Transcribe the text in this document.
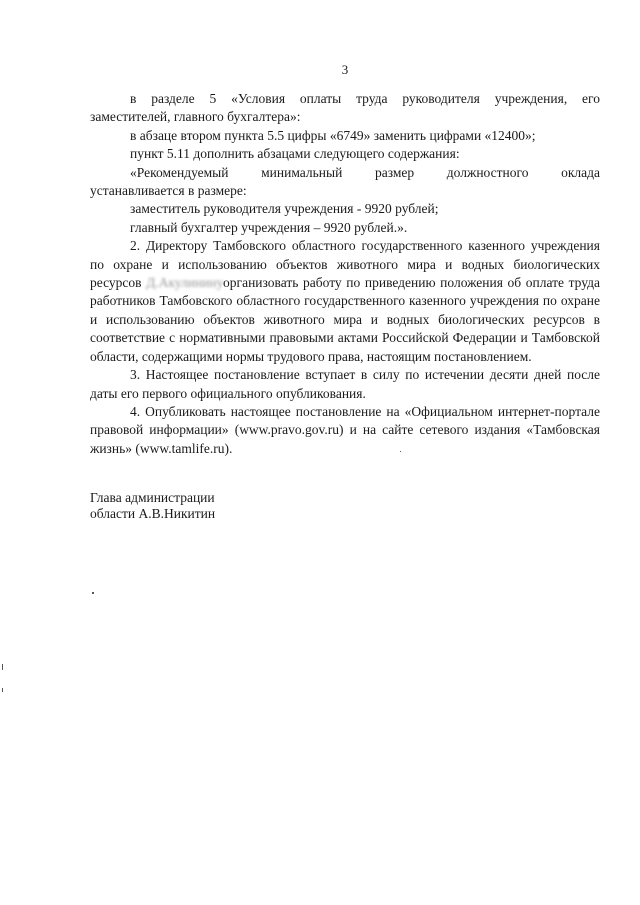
3

в разделе 5 «Условия оплаты труда руководителя учреждения, его

заместителей, главного бухгалтера»:

в абзаце втором пункта 5.5 цифры «6749» заменить цифрами «12400»;

пункт 5.11 дополнить абзацами следующего содержания:

«Рекомендуемый минимальный размер должностного оклада

устанавливается в размере:

заместитель руководителя учреждения - 9920 рублей;

главный бухгалтер учреждения – 9920 рублей.».

2. Директору Тамбовского областного государственного казенного учреждения по охране и использованию объектов животного мира и водных биологических ресурсов Д.Акулининуорганизовать работу по приведению положения об оплате труда работников Тамбовского областного государственного казенного учреждения по охране и использованию объектов животного мира и водных биологических ресурсов в соответствие с нормативными правовыми актами Российской Федерации и Тамбовской области, содержащими нормы трудового права, настоящим постановлением.

3. Настоящее постановление вступает в силу по истечении десяти дней после даты его первого официального опубликования.

4. Опубликовать настоящее постановление на «Официальном интернет-портале правовой информации» (www.pravo.gov.ru) и на сайте сетевого издания «Тамбовская жизнь» (www.tamlife.ru).

Глава администрации
области А.В.Никитин
